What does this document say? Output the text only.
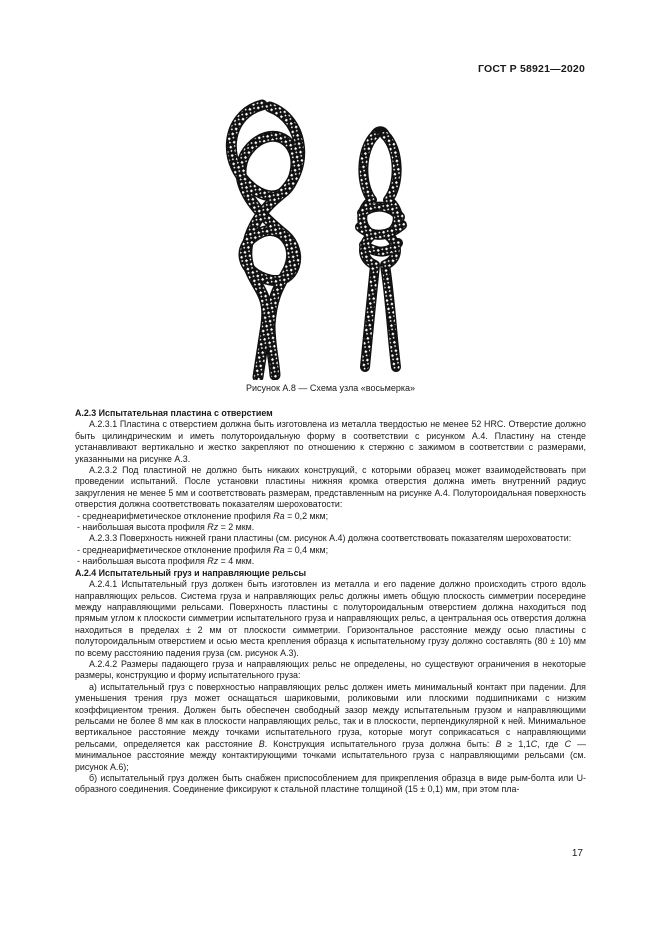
ГОСТ Р 58921—2020
Рисунок А.8 — Схема узла «восьмерка»

А.2.3 Испытательная пластина с отверстием

А.2.3.1 Пластина с отверстием должна быть изготовлена из металла твердостью не менее 52 HRC. Отверстие должно быть цилиндрическим и иметь полутороидальную форму в соответствии с рисунком А.4. Пластину на стенде устанавливают вертикально и жестко закрепляют по отношению к стержню с зажимом в соответствии с размерами, указанными на рисунке А.3.

А.2.3.2 Под пластиной не должно быть никаких конструкций, с которыми образец может взаимодействовать при проведении испытаний. После установки пластины нижняя кромка отверстия должна иметь внутренний радиус закругления не менее 5 мм и соответствовать размерам, представленным на рисунке А.4. Полутороидальная поверхность отверстия должна соответствовать показателям шероховатости:

- среднеарифметическое отклонение профиля Ra = 0,2 мкм;

- наибольшая высота профиля Rz = 2 мкм.

А.2.3.3 Поверхность нижней грани пластины (см. рисунок А.4) должна соответствовать показателям шероховатости:

- среднеарифметическое отклонение профиля Ra = 0,4 мкм;

- наибольшая высота профиля Rz = 4 мкм.

А.2.4 Испытательный груз и направляющие рельсы

А.2.4.1 Испытательный груз должен быть изготовлен из металла и его падение должно происходить строго вдоль направляющих рельсов. Система груза и направляющих рельс должны иметь общую плоскость симметрии посередине между направляющими рельсами. Поверхность пластины с полутороидальным отверстием должна находиться под прямым углом к плоскости симметрии испытательного груза и направляющих рельс, а центральная ось отверстия должна находиться в пределах ± 2 мм от плоскости симметрии. Горизонтальное расстояние между осью пластины с полутороидальным отверстием и осью места крепления образца к испытательному грузу должно составлять (80 ± 10) мм по всему расстоянию падения груза (см. рисунок А.3).

А.2.4.2 Размеры падающего груза и направляющих рельс не определены, но существуют ограничения в некоторые размеры, конструкцию и форму испытательного груза:

а) испытательный груз с поверхностью направляющих рельс должен иметь минимальный контакт при падении. Для уменьшения трения груз может оснащаться шариковыми, роликовыми или плоскими подшипниками с низким коэффициентом трения. Должен быть обеспечен свободный зазор между испытательным грузом и направляющими рельсами не более 8 мм как в плоскости направляющих рельс, так и в плоскости, перпендикулярной к ней. Минимальное вертикальное расстояние между точками испытательного груза, которые могут соприкасаться с направляющими рельсами, определяется как расстояние В. Конструкция испытательного груза должна быть: В ≥ 1,1С, где С — минимальное расстояние между контактирующими точками испытательного груза с направляющими рельсами (см. рисунок А.6);

б) испытательный груз должен быть снабжен приспособлением для прикрепления образца в виде рым-болта или U-образного соединения. Соединение фиксируют к стальной пластине толщиной (15 ± 0,1) мм, при этом пла-

17
